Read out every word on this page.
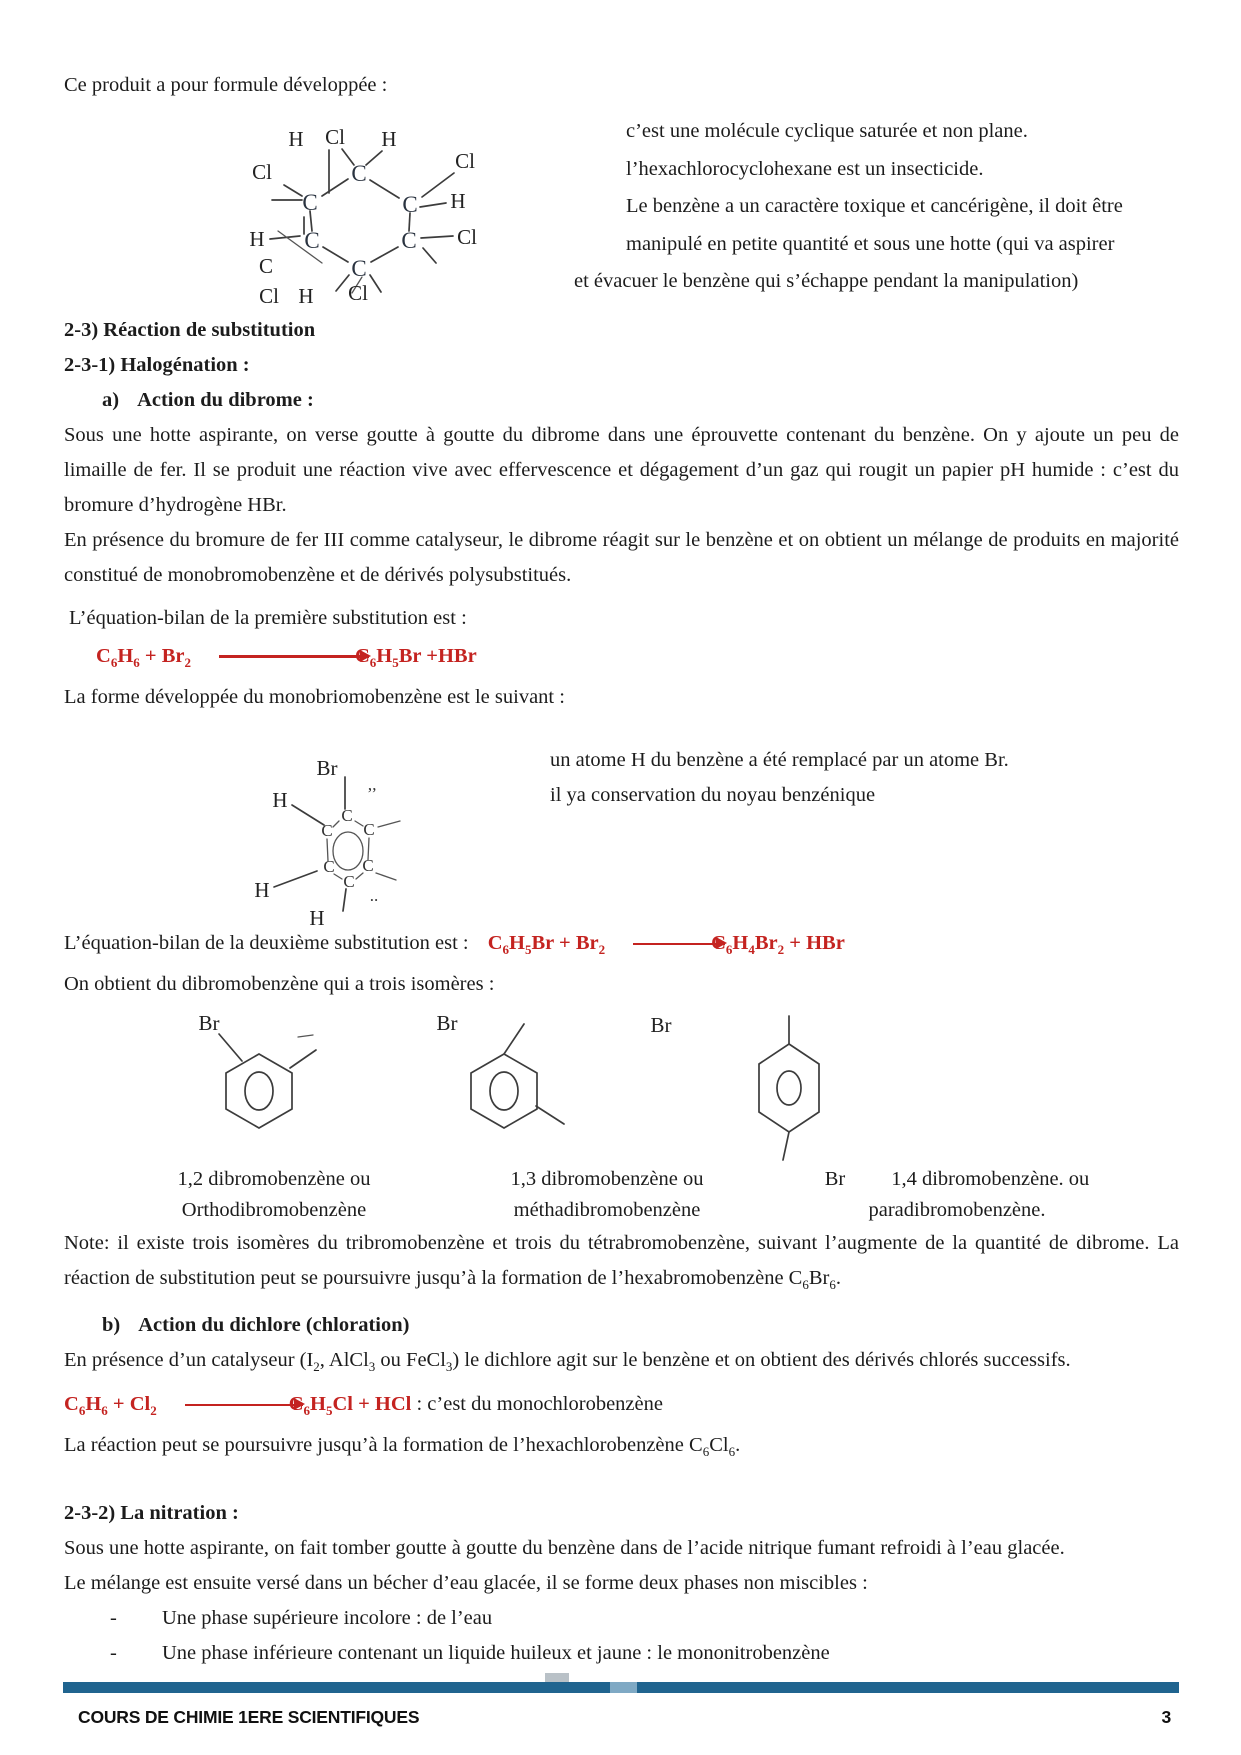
Ce produit a pour formule développée :
C
C	C
C	C
C
H Cl H
Cl	Cl
H
H
C
Cl
Cl H Cl
c’est une molécule cyclique saturée et non plane.
l’hexachlorocyclohexane est un insecticide.
Le benzène a un caractère toxique et cancérigène, il doit être
manipulé en petite quantité et sous une hotte (qui va aspirer
et évacuer le benzène qui s’échappe pendant la manipulation)

2-3) Réaction de substitution

2-3-1) Halogénation :

a) Action du dibrome :

Sous une hotte aspirante, on verse goutte à goutte du dibrome dans une éprouvette contenant du benzène. On y ajoute un peu de limaille de fer. Il se produit une réaction vive avec effervescence et dégagement d’un gaz qui rougit un papier pH humide : c’est du bromure d’hydrogène HBr.

En présence du bromure de fer III comme catalyseur, le dibrome réagit sur le benzène et on obtient un mélange de produits en majorité constitué de monobromobenzène et de dérivés polysubstitués.

L’équation-bilan de la première substitution est :
$C_6H_6 + Br_2$	$_6H_5Br +HBr$
La forme développée du monobriomobenzène est le suivant :
Br
H	’’
C
C C
C C
C
H
H
..
un atome H du benzène a été remplacé par un atome Br.
il ya conservation du noyau benzénique
L’équation-bilan de la deuxième substitution est : $C_6H_5Br + Br_2$	$_6H_4Br_2$ + HBr
On obtient du dibromobenzène qui a trois isomères :
Br	Br	Br
1,2 dibromobenzène ou
Orthodibromobenzène
1,3 dibromobenzène ou
méthadibromobenzène
Br 1,4 dibromobenzène. ou
paradibromobenzène.

Note: il existe trois isomères du tribromobenzène et trois du tétrabromobenzène, suivant l’augmente de la quantité de dibrome. La réaction de substitution peut se poursuivre jusqu’à la formation de l’hexabromobenzène $C_6Br_6$.

b) Action du dichlore (chloration)

En présence d’un catalyseur ($I_2$, AlCl$_3$ ou FeCl$_3$) le dichlore agit sur le benzène et on obtient des dérivés chlorés successifs.

$C_6H_6 + Cl_2$	$_6H_5Cl$ + HCl : c’est du monochlorobenzène

La réaction peut se poursuivre jusqu’à la formation de l’hexachlorobenzène $C_6Cl_6$.

2-3-2) La nitration :

Sous une hotte aspirante, on fait tomber goutte à goutte du benzène dans de l’acide nitrique fumant refroidi à l’eau glacée.

Le mélange est ensuite versé dans un bécher d’eau glacée, il se forme deux phases non miscibles :

-	Une phase supérieure incolore : de l’eau
-	Une phase inférieure contenant un liquide huileux et jaune : le mononitrobenzène
COURS DE CHIMIE 1ERE SCIENTIFIQUES	3
